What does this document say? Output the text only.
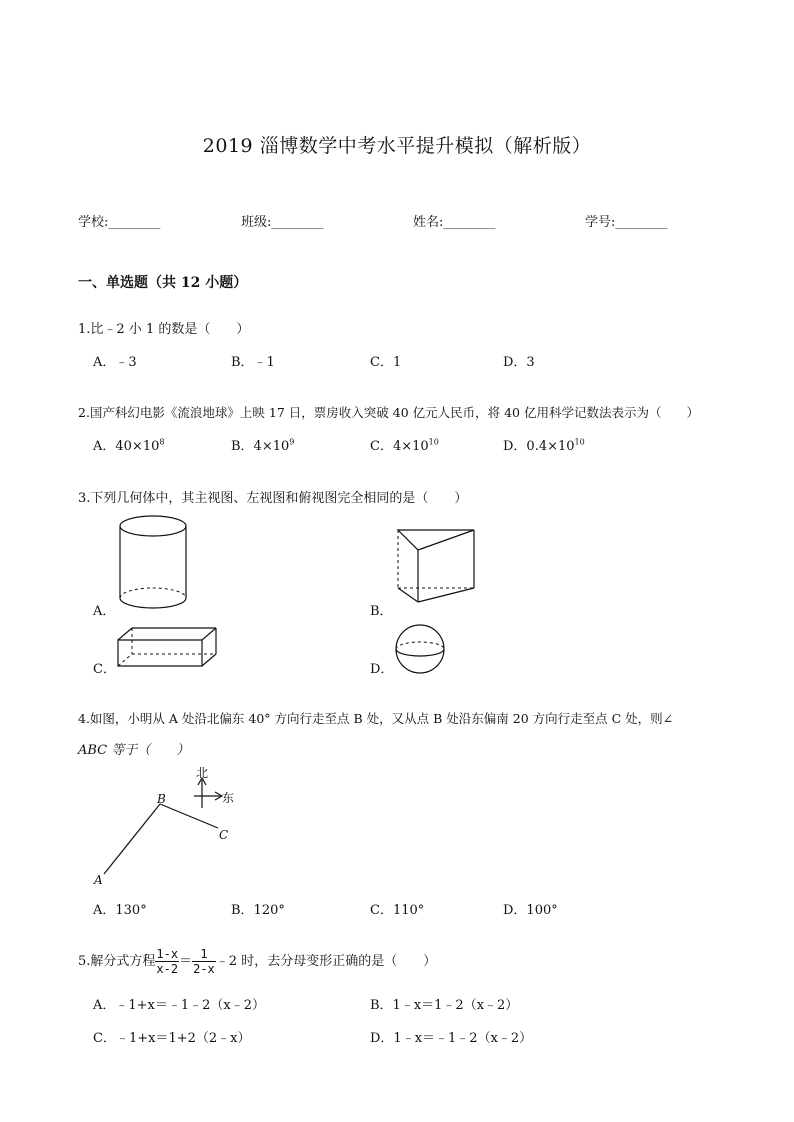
2019 淄博数学中考水平提升模拟（解析版）
学校:________	班级:________	姓名:________	学号:________
一、单选题（共 12 小题）
1.比﹣2 小 1 的数是（　　）
A．﹣3	B．﹣1	C．1	D．3
2.国产科幻电影《流浪地球》上映 17 日，票房收入突破 40 亿元人民币，将 40 亿用科学记数法表示为（　　）
A．$40\times 10^8$	B．$4\times 10^9$	C．$4\times 10^{10}$	D．$0.4\times 10^{10}$
3.下列几何体中，其主视图、左视图和俯视图完全相同的是（　　）
A．	B．
C．	D．
4.如图，小明从 A 处沿北偏东 40° 方向行走至点 B 处，又从点 B 处沿东偏南 20 方向行走至点 C 处，则∠
ABC 等于（　　）
北
东
B
C
A
A．130°	B．120°	C．110°	D．100°
5.解分式方程 $\frac{1-x}{x-2} = \frac{1}{2-x}$ ﹣2 时，去分母变形正确的是（　　）
A．﹣1+x＝﹣1﹣2（x﹣2）	B．1﹣x＝1﹣2（x﹣2）
C．﹣1+x＝1+2（2﹣x）	D．1﹣x＝﹣1﹣2（x﹣2）
